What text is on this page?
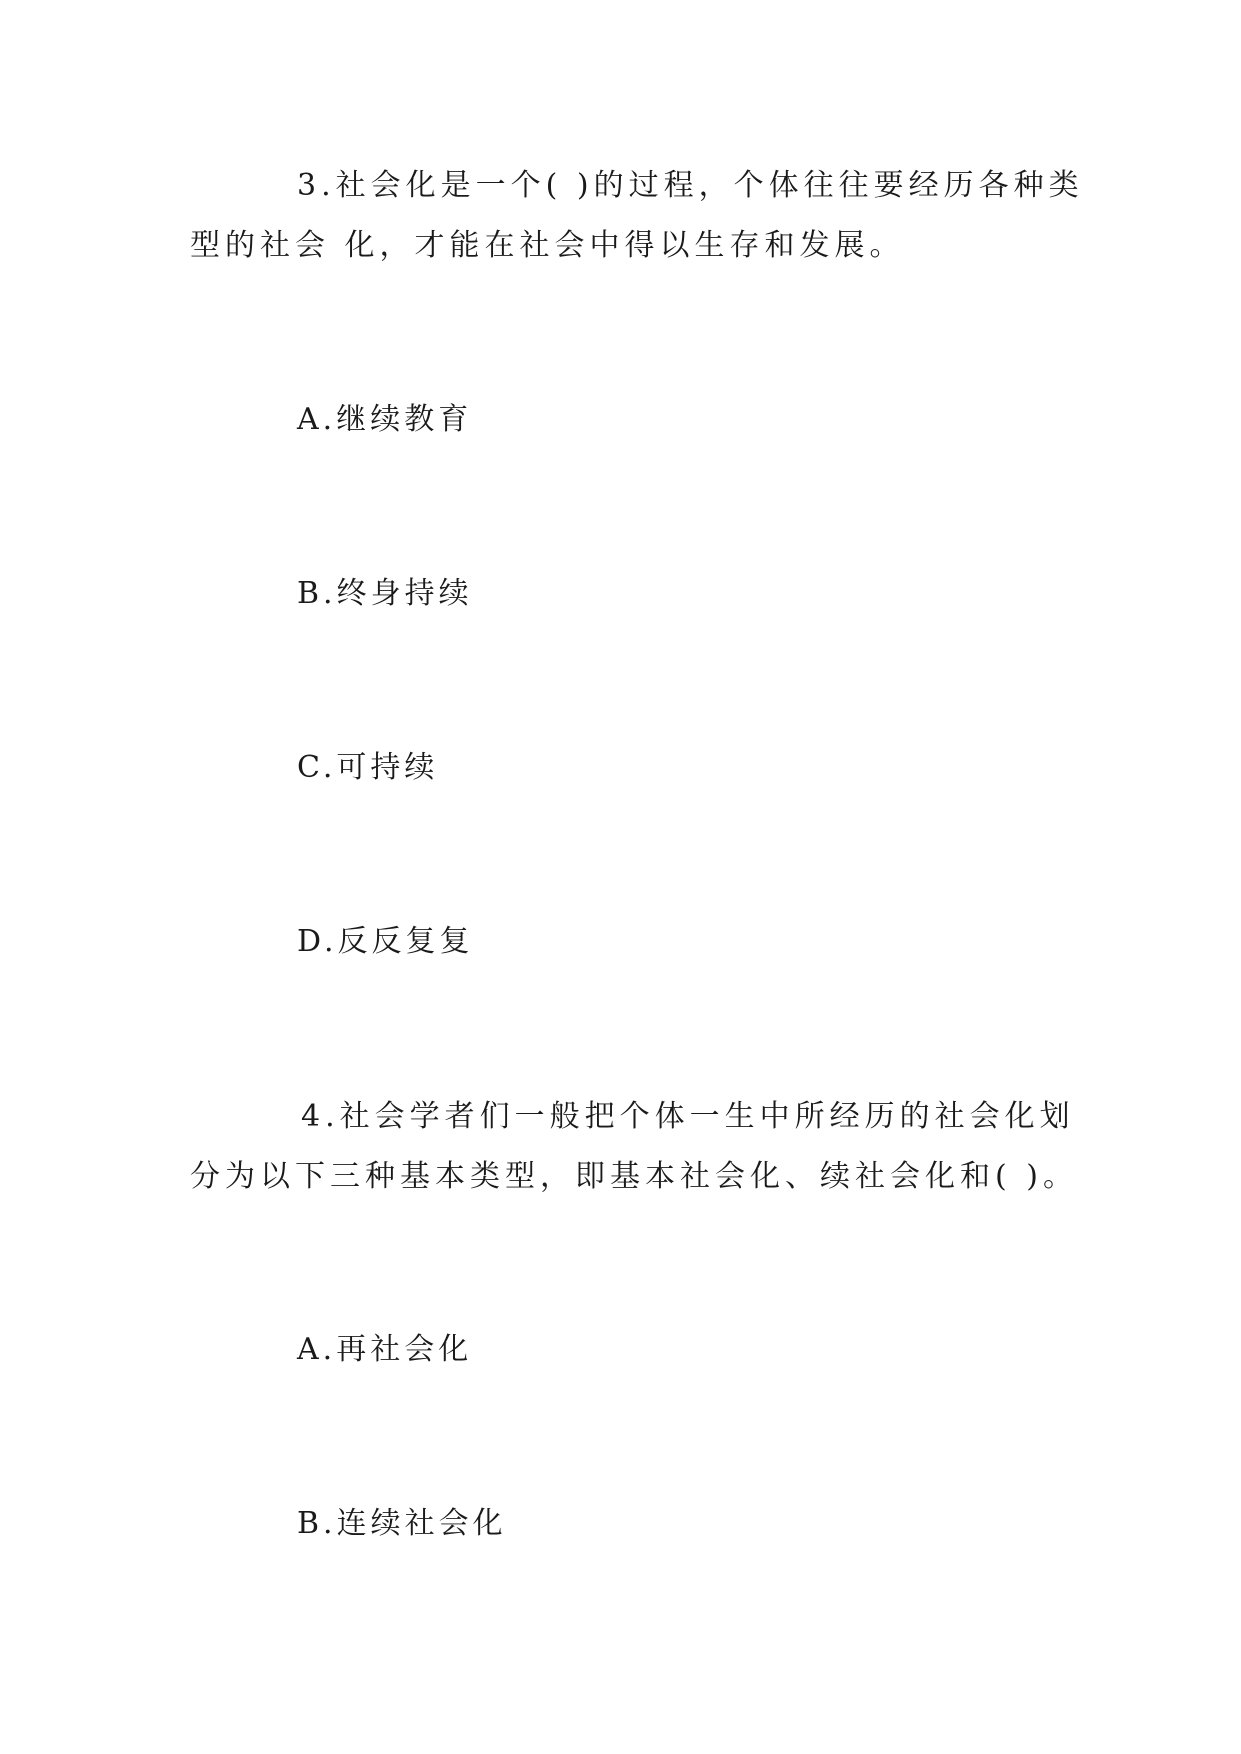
3.社会化是一个( )的过程，个体往往要经历各种类
型的社会 化，才能在社会中得以生存和发展。
A.继续教育
B.终身持续
C.可持续
D.反反复复
4.社会学者们一般把个体一生中所经历的社会化划
分为以下三种基本类型，即基本社会化、续社会化和( )。
A.再社会化
B.连续社会化
